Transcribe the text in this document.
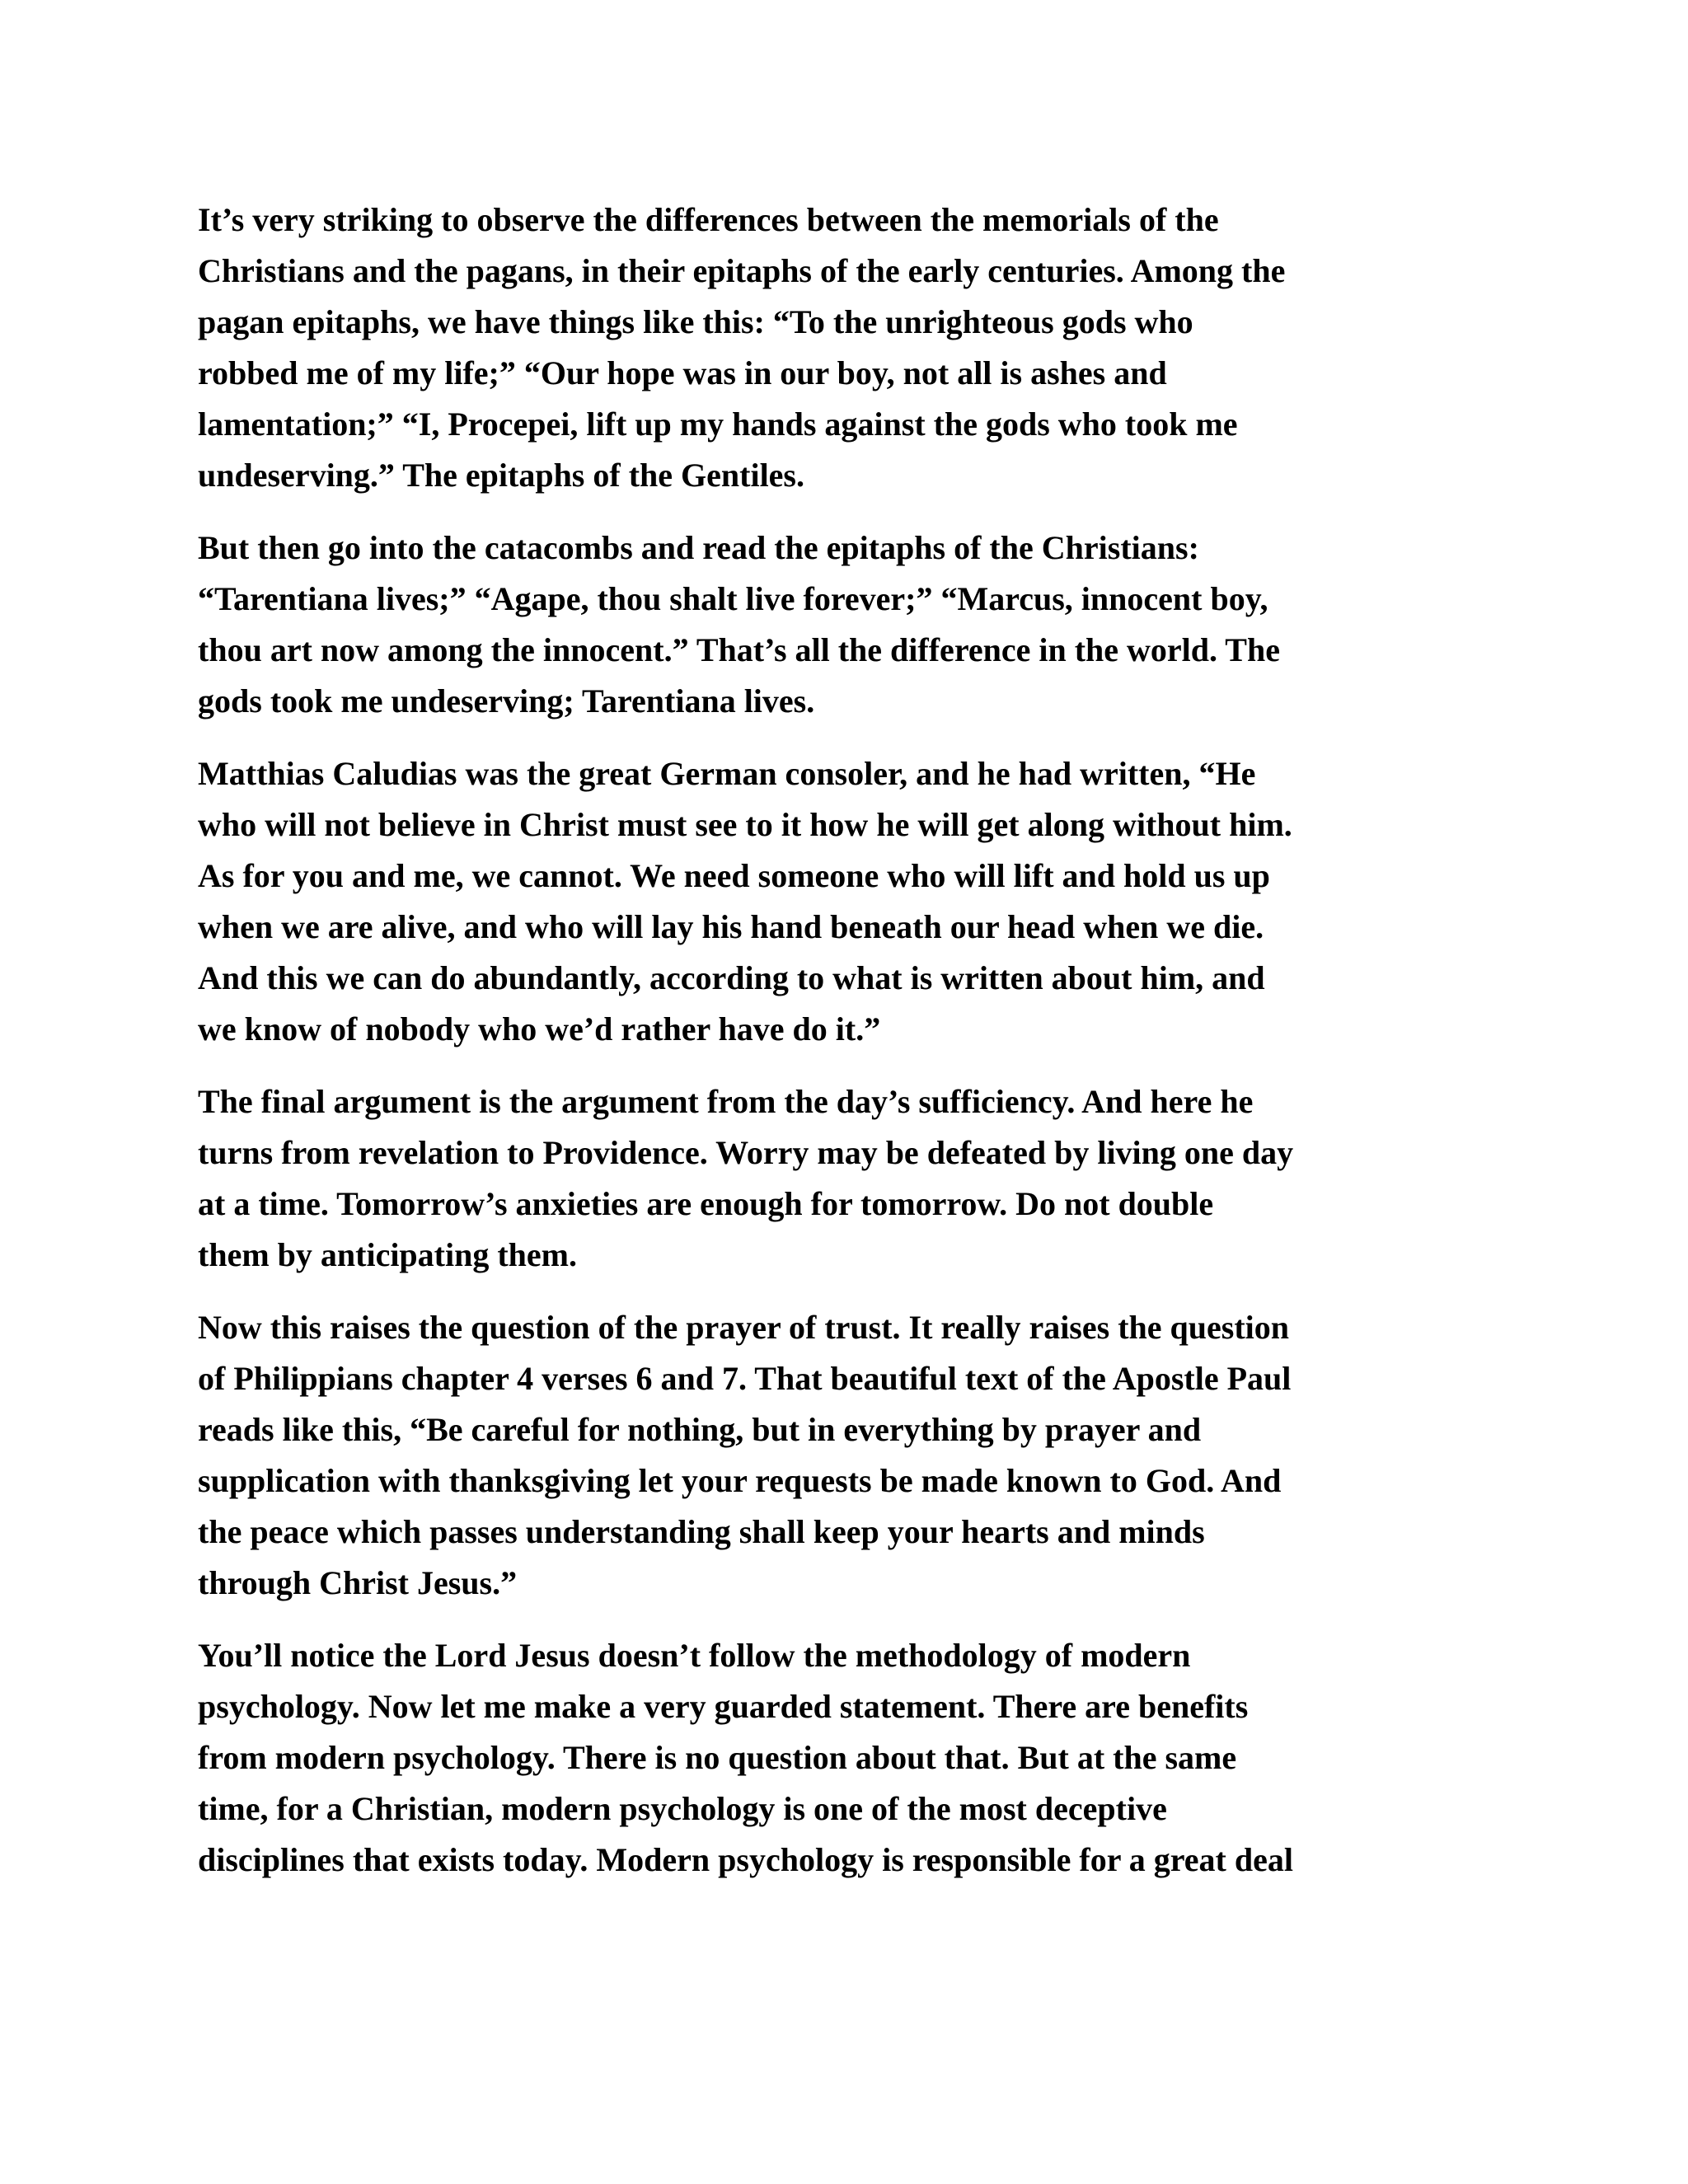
It’s very striking to observe the differences between the memorials of the
Christians and the pagans, in their epitaphs of the early centuries. Among the
pagan epitaphs, we have things like this: “To the unrighteous gods who
robbed me of my life;” “Our hope was in our boy, not all is ashes and
lamentation;” “I, Procepei, lift up my hands against the gods who took me
undeserving.” The epitaphs of the Gentiles.

But then go into the catacombs and read the epitaphs of the Christians:
“Tarentiana lives;” “Agape, thou shalt live forever;” “Marcus, innocent boy,
thou art now among the innocent.” That’s all the difference in the world. The
gods took me undeserving; Tarentiana lives.

Matthias Caludias was the great German consoler, and he had written, “He
who will not believe in Christ must see to it how he will get along without him.
As for you and me, we cannot. We need someone who will lift and hold us up
when we are alive, and who will lay his hand beneath our head when we die.
And this we can do abundantly, according to what is written about him, and
we know of nobody who we’d rather have do it.”

The final argument is the argument from the day’s sufficiency. And here he
turns from revelation to Providence. Worry may be defeated by living one day
at a time. Tomorrow’s anxieties are enough for tomorrow. Do not double
them by anticipating them.

Now this raises the question of the prayer of trust. It really raises the question
of Philippians chapter 4 verses 6 and 7. That beautiful text of the Apostle Paul
reads like this, “Be careful for nothing, but in everything by prayer and
supplication with thanksgiving let your requests be made known to God. And
the peace which passes understanding shall keep your hearts and minds
through Christ Jesus.”

You’ll notice the Lord Jesus doesn’t follow the methodology of modern
psychology. Now let me make a very guarded statement. There are benefits
from modern psychology. There is no question about that. But at the same
time, for a Christian, modern psychology is one of the most deceptive
disciplines that exists today. Modern psychology is responsible for a great deal
